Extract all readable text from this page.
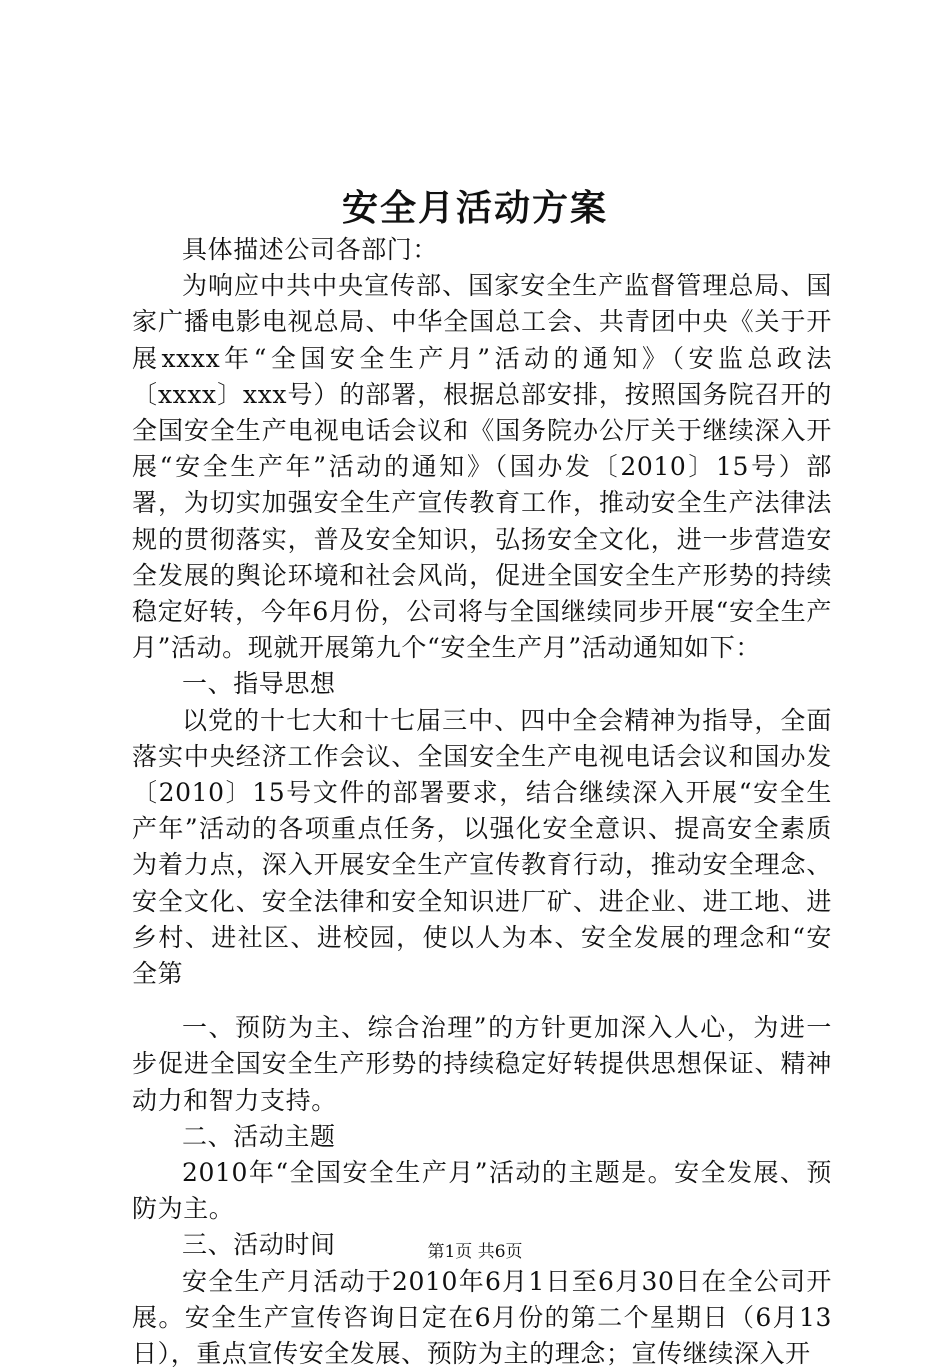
安全月活动方案

具体描述公司各部门：

为响应中共中央宣传部、国家安全生产监督管理总局、国家广播电影电视总局、中华全国总工会、共青团中央《关于开展xxxx年“全国安全生产月”活动的通知》（安监总政法〔xxxx〕xxx号）的部署，根据总部安排，按照国务院召开的全国安全生产电视电话会议和《国务院办公厅关于继续深入开展“安全生产年”活动的通知》（国办发〔2010〕15号）部署，为切实加强安全生产宣传教育工作，推动安全生产法律法规的贯彻落实，普及安全知识，弘扬安全文化，进一步营造安全发展的舆论环境和社会风尚，促进全国安全生产形势的持续稳定好转，今年6月份，公司将与全国继续同步开展“安全生产月”活动。现就开展第九个“安全生产月”活动通知如下：

一、指导思想

以党的十七大和十七届三中、四中全会精神为指导，全面落实中央经济工作会议、全国安全生产电视电话会议和国办发〔2010〕15号文件的部署要求，结合继续深入开展“安全生产年”活动的各项重点任务，以强化安全意识、提高安全素质为着力点，深入开展安全生产宣传教育行动，推动安全理念、安全文化、安全法律和安全知识进厂矿、进企业、进工地、进乡村、进社区、进校园，使以人为本、安全发展的理念和“安全第

一、预防为主、综合治理”的方针更加深入人心，为进一步促进全国安全生产形势的持续稳定好转提供思想保证、精神动力和智力支持。

二、活动主题

2010年“全国安全生产月”活动的主题是。安全发展、预防为主。

三、活动时间

安全生产月活动于2010年6月1日至6月30日在全公司开展。安全生产宣传咨询日定在6月份的第二个星期日（6月13日），重点宣传安全发展、预防为主的理念；宣传继续深入开

第1页 共6页
